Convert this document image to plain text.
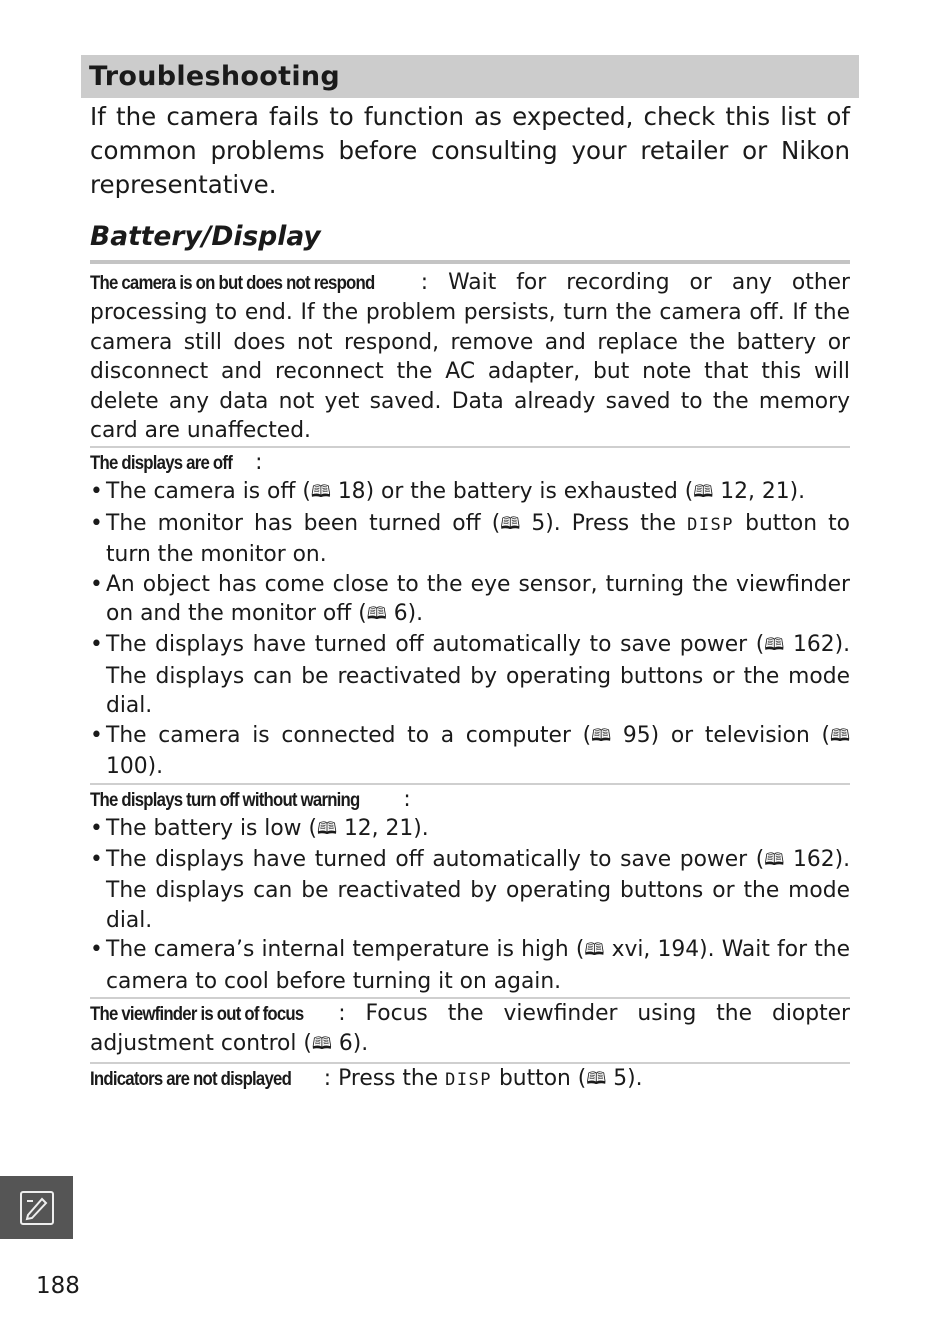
Troubleshooting

If the camera fails to function as expected, check this list of common problems before consulting your retailer or Nikon representative.

Battery/Display

The camera is on but does not respond : Wait for recording or any other processing to end. If the problem persists, turn the camera off. If the camera still does not respond, remove and replace the battery or disconnect and reconnect the AC adapter, but note that this will delete any data not yet saved. Data already saved to the memory card are unaffected.

The displays are off :
• The camera is off (🕮 18) or the battery is exhausted (🕮 12, 21).
• The monitor has been turned off (🕮 5). Press the DISP button to turn the monitor on.
• An object has come close to the eye sensor, turning the viewfinder on and the monitor off (🕮 6).
• The displays have turned off automatically to save power (🕮 162). The displays can be reactivated by operating buttons or the mode dial.
• The camera is connected to a computer (🕮 95) or television (🕮 100).
The displays turn off without warning :
• The battery is low (🕮 12, 21).
• The displays have turned off automatically to save power (🕮 162). The displays can be reactivated by operating buttons or the mode dial.
• The camera’s internal temperature is high (🕮 xvi, 194). Wait for the camera to cool before turning it on again.

The viewfinder is out of focus : Focus the viewfinder using the diopter adjustment control (🕮 6).

Indicators are not displayed : Press the DISP button (🕮 5).

188
